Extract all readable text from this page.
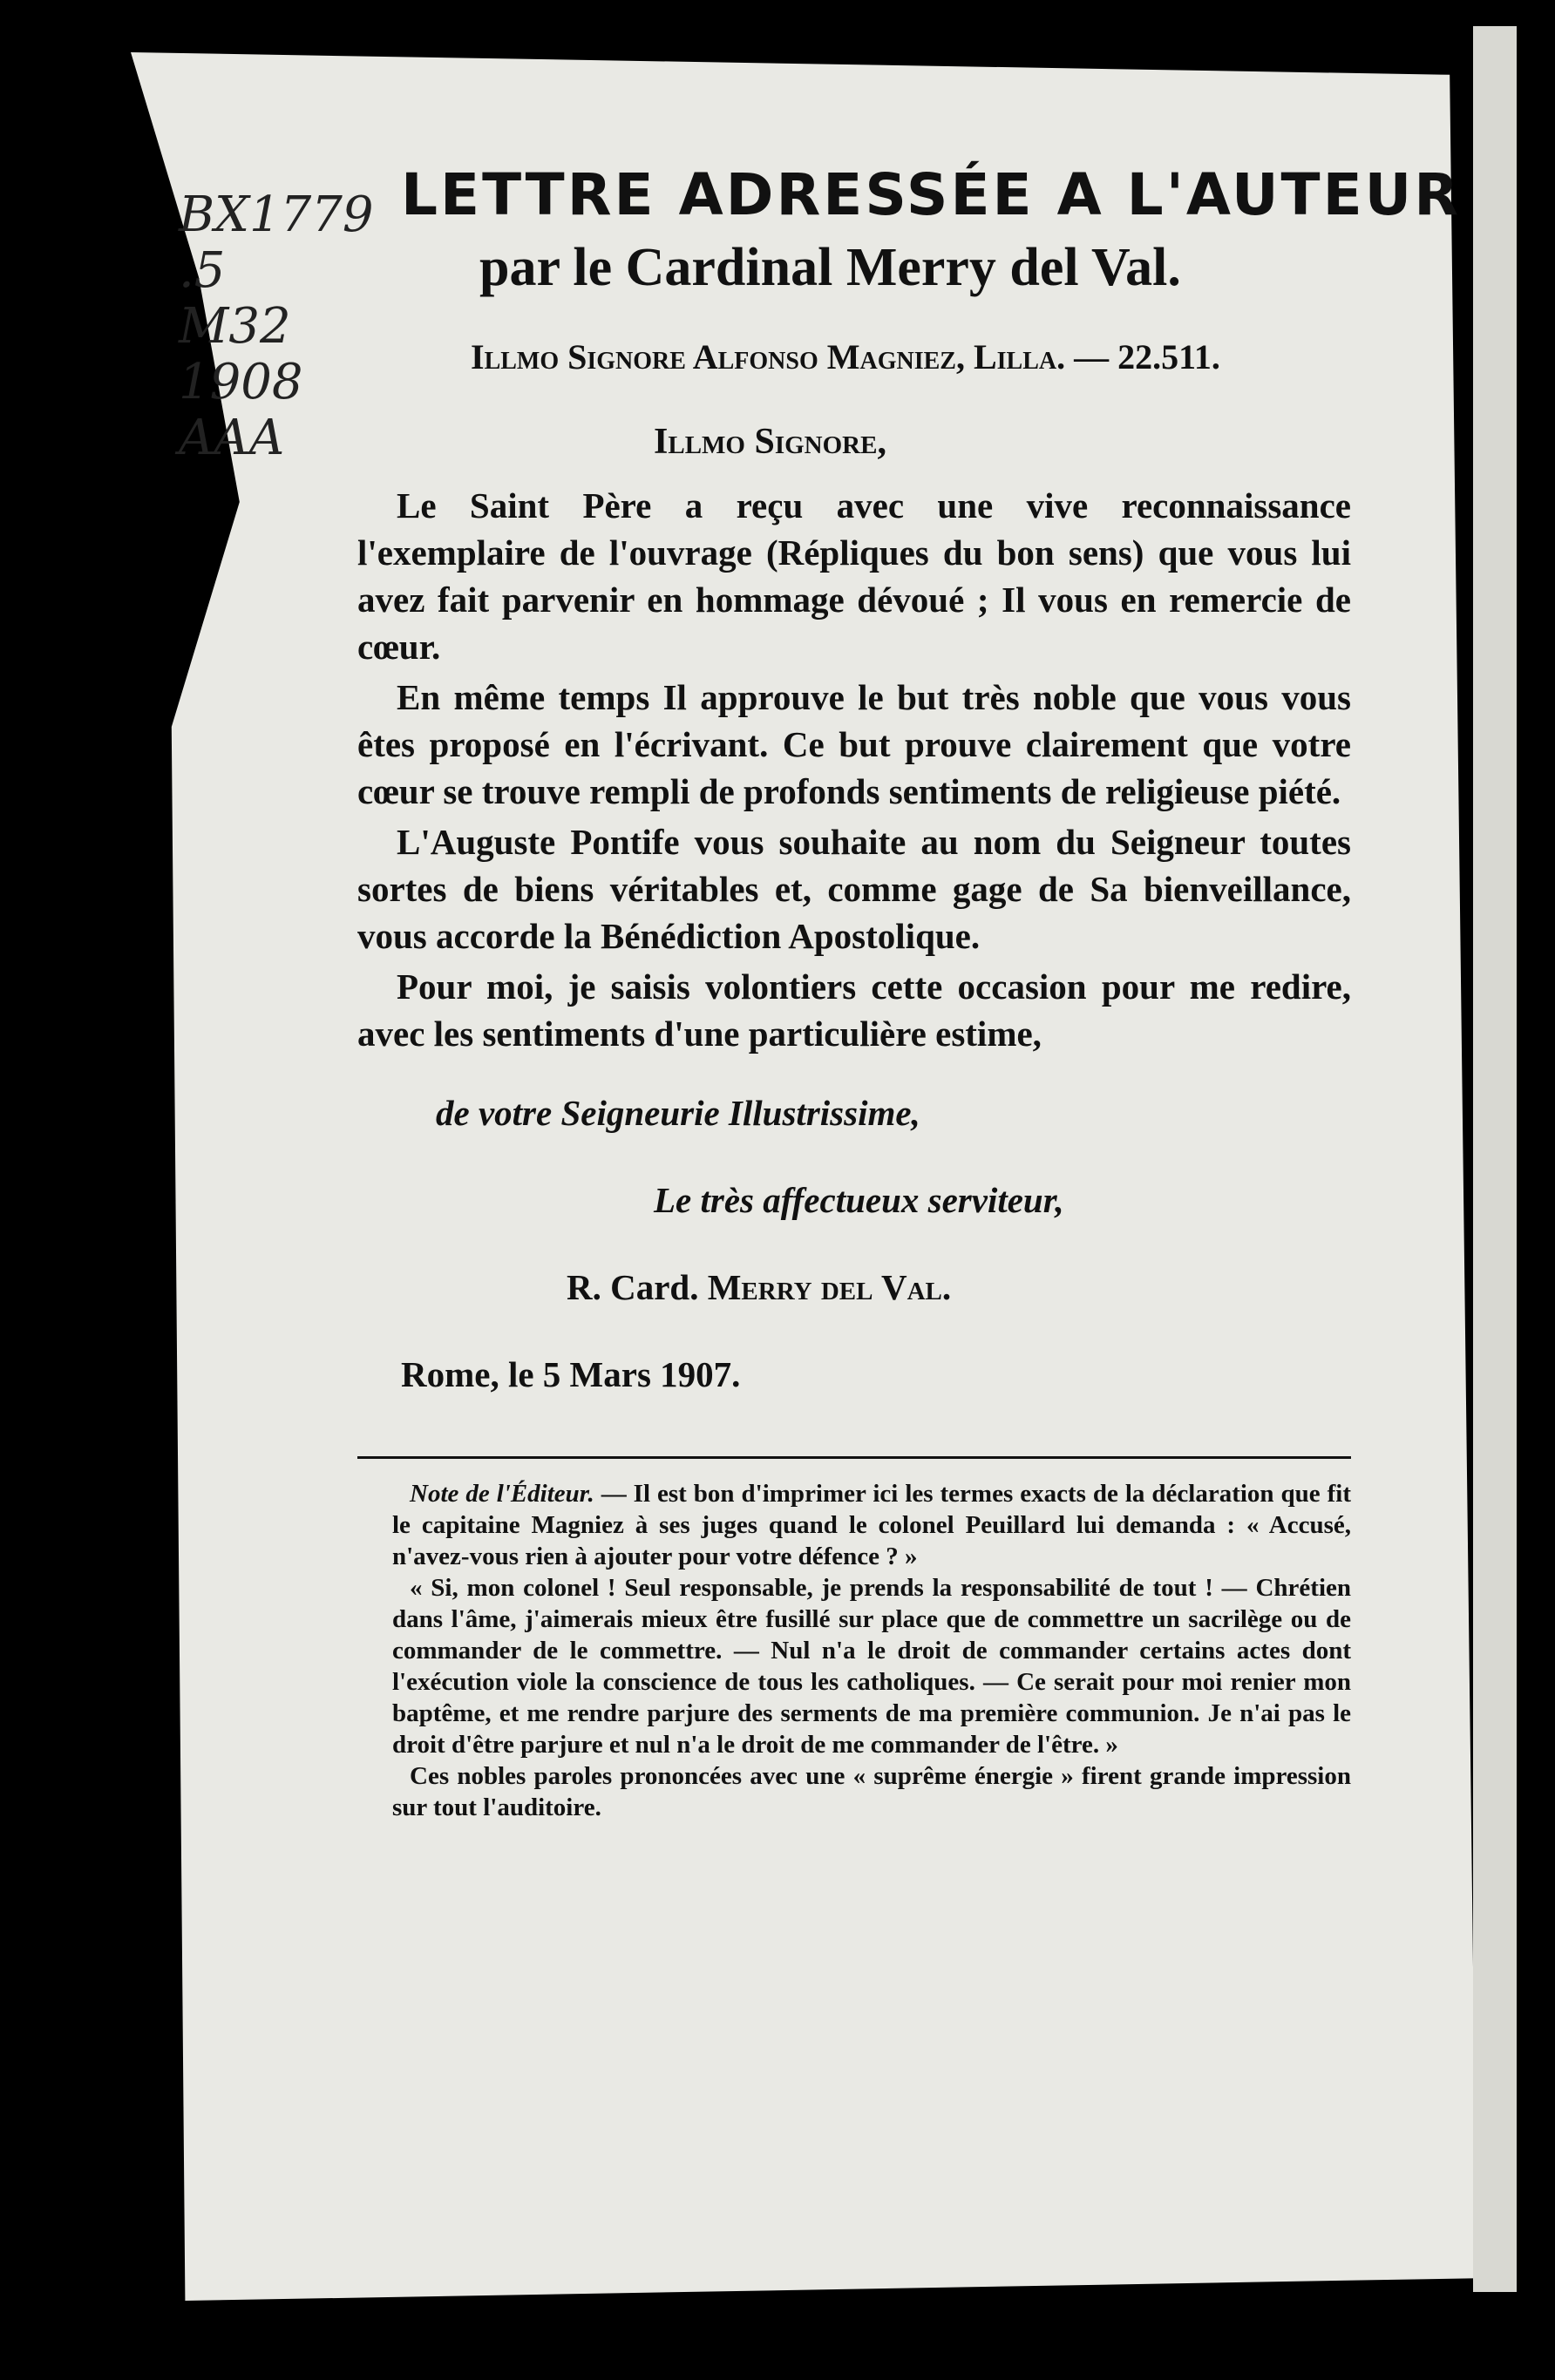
BX1779
.5
M32
1908
AAA
LETTRE ADRESSÉE A L'AUTEUR
par le Cardinal Merry del Val.
Illmo Signore Alfonso Magniez, Lilla. — 22.511.
Illmo Signore,

Le Saint Père a reçu avec une vive reconnaissance l'exemplaire de l'ouvrage (Répliques du bon sens) que vous lui avez fait parvenir en hommage dévoué ; Il vous en remercie de cœur.

En même temps Il approuve le but très noble que vous vous êtes proposé en l'écrivant. Ce but prouve clairement que votre cœur se trouve rempli de profonds sentiments de religieuse piété.

L'Auguste Pontife vous souhaite au nom du Seigneur toutes sortes de biens véritables et, comme gage de Sa bienveillance, vous accorde la Bénédiction Apostolique.

Pour moi, je saisis volontiers cette occasion pour me redire, avec les sentiments d'une particulière estime,

de votre Seigneurie Illustrissime,
Le très affectueux serviteur,
R. Card. Merry del Val.
Rome, le 5 Mars 1907.

Note de l'Éditeur. — Il est bon d'imprimer ici les termes exacts de la déclaration que fit le capitaine Magniez à ses juges quand le colonel Peuillard lui demanda : « Accusé, n'avez-vous rien à ajouter pour votre défence ? »

« Si, mon colonel ! Seul responsable, je prends la responsabilité de tout ! — Chrétien dans l'âme, j'aimerais mieux être fusillé sur place que de commettre un sacrilège ou de commander de le commettre. — Nul n'a le droit de commander certains actes dont l'exécution viole la conscience de tous les catholiques. — Ce serait pour moi renier mon baptême, et me rendre parjure des serments de ma première communion. Je n'ai pas le droit d'être parjure et nul n'a le droit de me commander de l'être. »

Ces nobles paroles prononcées avec une « suprême énergie » firent grande impression sur tout l'auditoire.
